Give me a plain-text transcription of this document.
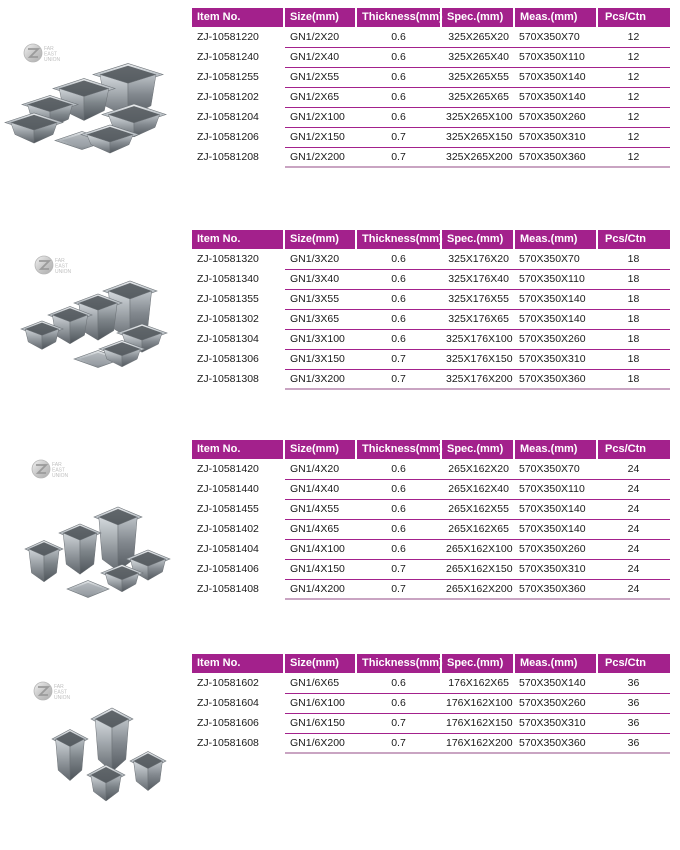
Item No.	Size(mm)	Thickness(mm)	Spec.(mm)	Meas.(mm)	Pcs/Ctn
ZJ-10581220	GN1/2X20	0.6	325X265X20	570X350X70	12
ZJ-10581240	GN1/2X40	0.6	325X265X40	570X350X110	12
ZJ-10581255	GN1/2X55	0.6	325X265X55	570X350X140	12
ZJ-10581202	GN1/2X65	0.6	325X265X65	570X350X140	12
ZJ-10581204	GN1/2X100	0.6	325X265X100	570X350X260	12
ZJ-10581206	GN1/2X150	0.7	325X265X150	570X350X310	12
ZJ-10581208	GN1/2X200	0.7	325X265X200	570X350X360	12
Item No.	Size(mm)	Thickness(mm)	Spec.(mm)	Meas.(mm)	Pcs/Ctn
ZJ-10581320	GN1/3X20	0.6	325X176X20	570X350X70	18
ZJ-10581340	GN1/3X40	0.6	325X176X40	570X350X110	18
ZJ-10581355	GN1/3X55	0.6	325X176X55	570X350X140	18
ZJ-10581302	GN1/3X65	0.6	325X176X65	570X350X140	18
ZJ-10581304	GN1/3X100	0.6	325X176X100	570X350X260	18
ZJ-10581306	GN1/3X150	0.7	325X176X150	570X350X310	18
ZJ-10581308	GN1/3X200	0.7	325X176X200	570X350X360	18
Item No.	Size(mm)	Thickness(mm)	Spec.(mm)	Meas.(mm)	Pcs/Ctn
ZJ-10581420	GN1/4X20	0.6	265X162X20	570X350X70	24
ZJ-10581440	GN1/4X40	0.6	265X162X40	570X350X110	24
ZJ-10581455	GN1/4X55	0.6	265X162X55	570X350X140	24
ZJ-10581402	GN1/4X65	0.6	265X162X65	570X350X140	24
ZJ-10581404	GN1/4X100	0.6	265X162X100	570X350X260	24
ZJ-10581406	GN1/4X150	0.7	265X162X150	570X350X310	24
ZJ-10581408	GN1/4X200	0.7	265X162X200	570X350X360	24
Item No.	Size(mm)	Thickness(mm)	Spec.(mm)	Meas.(mm)	Pcs/Ctn
ZJ-10581602	GN1/6X65	0.6	176X162X65	570X350X140	36
ZJ-10581604	GN1/6X100	0.6	176X162X100	570X350X260	36
ZJ-10581606	GN1/6X150	0.7	176X162X150	570X350X310	36
ZJ-10581608	GN1/6X200	0.7	176X162X200	570X350X360	36
FAR
EAST
UNION
FAR
EAST
UNION
FAR
EAST
UNION
FAR
EAST
UNION
